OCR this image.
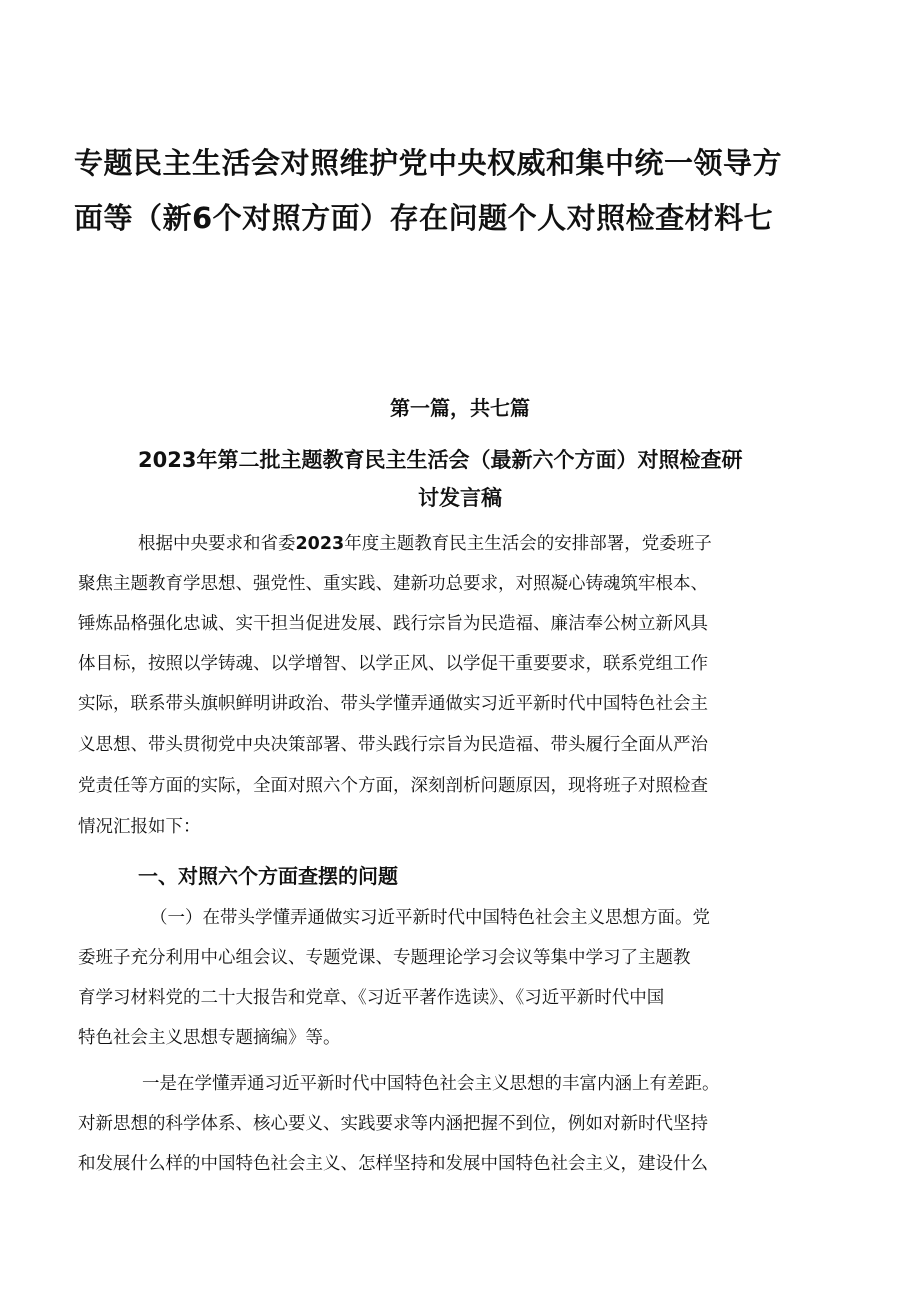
专题民主生活会对照维护党中央权威和集中统一领导方
面等（新6个对照方面）存在问题个人对照检查材料七

第一篇，共七篇

2023年第二批主题教育民主生活会（最新六个方面）对照检查研

讨发言稿

根据中央要求和省委2023年度主题教育民主生活会的安排部署，党委班子

聚焦主题教育学思想、强党性、重实践、建新功总要求，对照凝心铸魂筑牢根本、

锤炼品格强化忠诚、实干担当促进发展、践行宗旨为民造福、廉洁奉公树立新风具

体目标，按照以学铸魂、以学增智、以学正风、以学促干重要要求，联系党组工作

实际，联系带头旗帜鲜明讲政治、带头学懂弄通做实习近平新时代中国特色社会主

义思想、带头贯彻党中央决策部署、带头践行宗旨为民造福、带头履行全面从严治

党责任等方面的实际，全面对照六个方面，深刻剖析问题原因，现将班子对照检查

情况汇报如下：

一、对照六个方面查摆的问题

（一）在带头学懂弄通做实习近平新时代中国特色社会主义思想方面。党

委班子充分利用中心组会议、专题党课、专题理论学习会议等集中学习了主题教

育学习材料党的二十大报告和党章、《习近平著作选读》、《习近平新时代中国

特色社会主义思想专题摘编》等。

一是在学懂弄通习近平新时代中国特色社会主义思想的丰富内涵上有差距。

对新思想的科学体系、核心要义、实践要求等内涵把握不到位，例如对新时代坚持

和发展什么样的中国特色社会主义、怎样坚持和发展中国特色社会主义，建设什么
